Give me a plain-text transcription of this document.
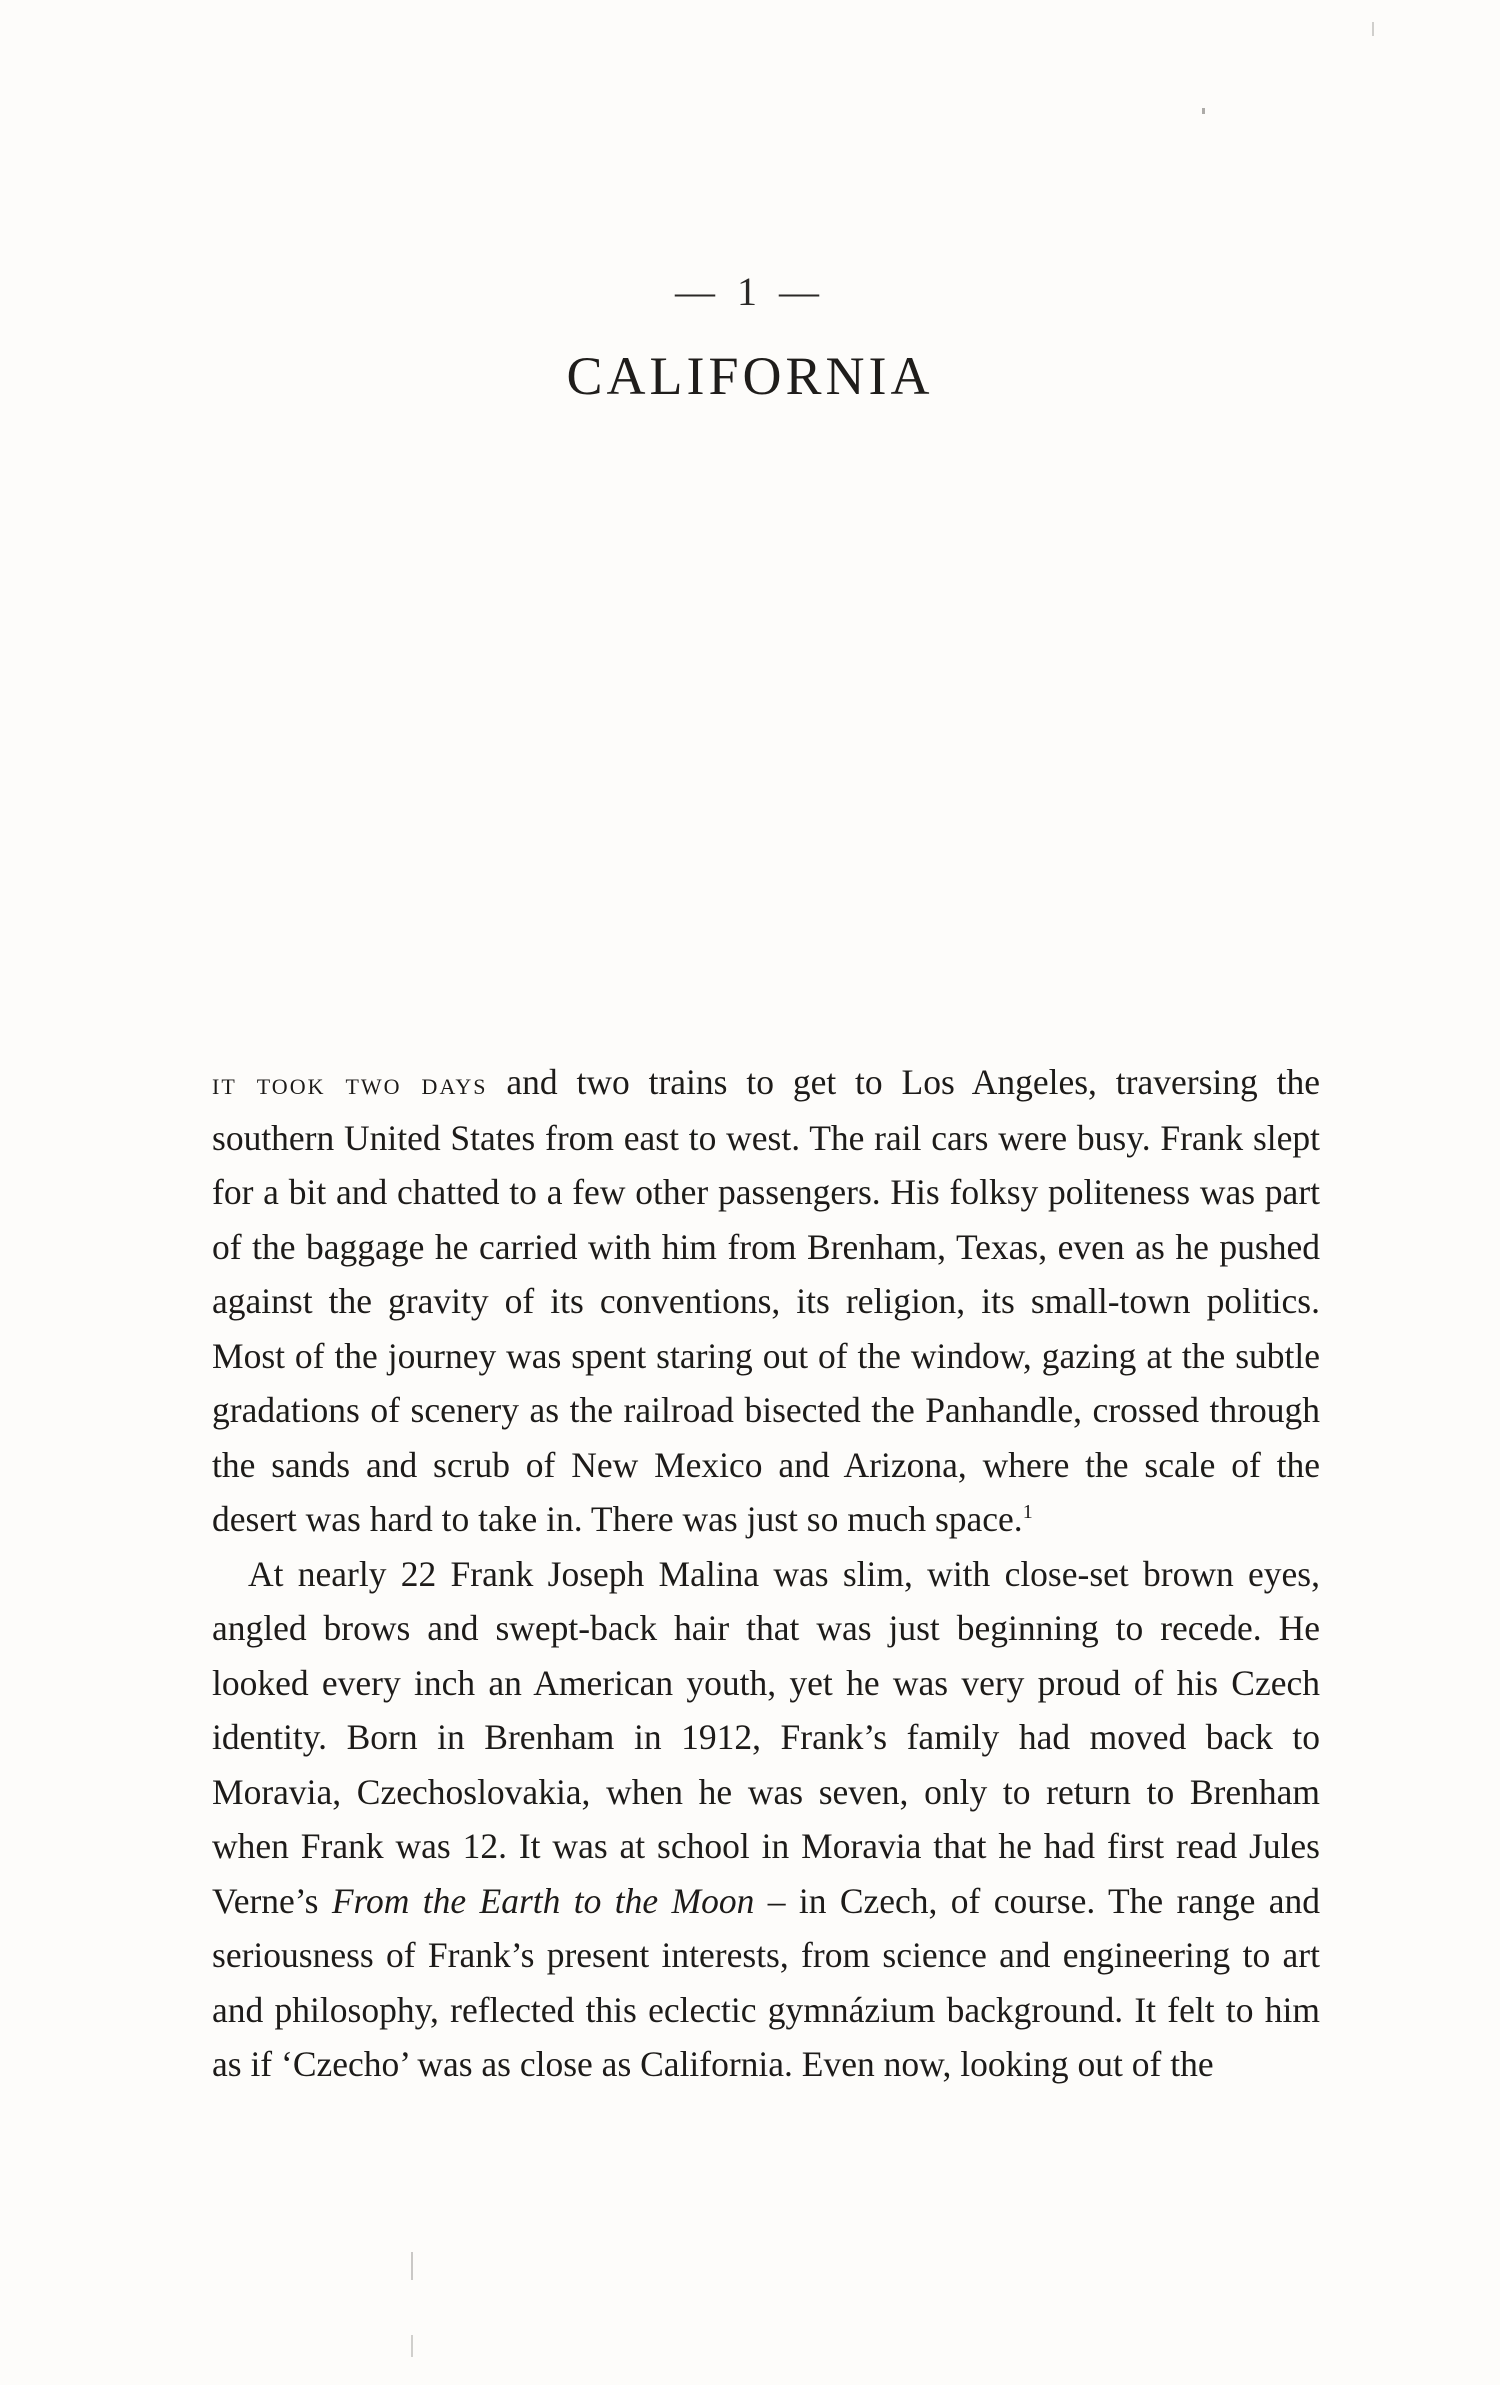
— 1 —
CALIFORNIA

it took two days and two trains to get to Los Angeles, traversing the southern United States from east to west. The rail cars were busy. Frank slept for a bit and chatted to a few other passengers. His folksy politeness was part of the baggage he carried with him from Brenham, Texas, even as he pushed against the gravity of its conventions, its religion, its small-town politics. Most of the journey was spent staring out of the window, gazing at the subtle gradations of scenery as the railroad bisected the Panhandle, crossed through the sands and scrub of New Mexico and Arizona, where the scale of the desert was hard to take in. There was just so much space.$^1$

At nearly 22 Frank Joseph Malina was slim, with close-set brown eyes, angled brows and swept-back hair that was just beginning to recede. He looked every inch an American youth, yet he was very proud of his Czech identity. Born in Brenham in 1912, Frank’s family had moved back to Moravia, Czechoslovakia, when he was seven, only to return to Brenham when Frank was 12. It was at school in Moravia that he had first read Jules Verne’s From the Earth to the Moon – in Czech, of course. The range and seriousness of Frank’s present interests, from science and engineering to art and philosophy, reflected this eclectic gymnázium background. It felt to him as if ‘Czecho’ was as close as California. Even now, looking out of the
